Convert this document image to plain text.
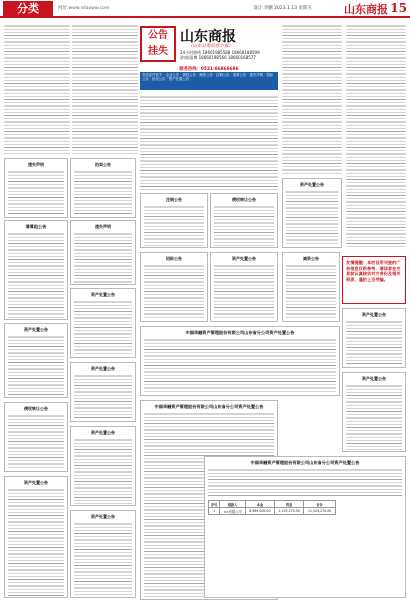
分类	网址:www.sdaoww.com	设计:李鹏 2023.1.13 星期五	山东商报 15
公告
挂失
山东商报
《山东分类信息小报》
24小时热线 18601985588 18660188599
济南/淄博 18660198566 18660168577
服务热线：0531-86868686
各类证件挂失 · 企业公告 · 债权公告 · 减资公告 · 注销公告 · 清算公告 · 遗失声明 · 招标公告 · 拍卖公告 · 资产处置公告
遗失声明	拍卖公告
注销公告	债权转让公告
资产处置公告
清算组公告	遗失声明
招标公告	资产处置公告	减资公告
友情提醒：本栏目所刊登的广告信息仅供参考，请读者在交易前认真核实对方身份及相关资质，谨防上当受骗。
资产处置公告
资产处置公告
资产处置公告
中国华融资产管理股份有限公司山东省分公司资产处置公告
资产处置公告
资产处置公告
债权转让公告	中国华融资产管理股份有限公司山东省分公司资产处置公告
中国华融资产管理股份有限公司山东省分公司资产处置公告
序号	借款人	本金	利息	合计
1	××有限公司	8,969,000.00	2,155,270.00	11,124,270.00
资产处置公告
资产处置公告
资产处置公告
